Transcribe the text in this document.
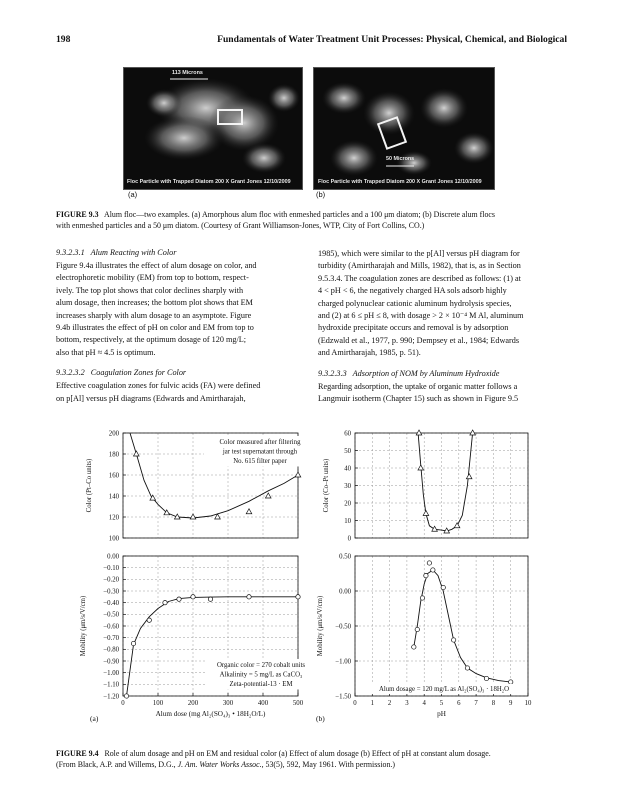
198	Fundamentals of Water Treatment Unit Processes: Physical, Chemical, and Biological
113 Microns
Floc Particle with Trapped Diatom 200 X Grant Jones 12/10/2009
50 Microns
Floc Particle with Trapped Diatom 200 X Grant Jones 12/10/2009
(a)	(b)
FIGURE 9.3 Alum floc—two examples. (a) Amorphous alum floc with enmeshed particles and a 100 μm diatom; (b) Discrete alum flocs
with enmeshed particles and a 50 μm diatom. (Courtesy of Grant Williamson-Jones, WTP, City of Fort Collins, CO.)
9.3.2.3.1 Alum Reacting with Color
Figure 9.4a illustrates the effect of alum dosage on color, and
electrophoretic mobility (EM) from top to bottom, respect-
ively. The top plot shows that color declines sharply with
alum dosage, then increases; the bottom plot shows that EM
increases sharply with alum dosage to an asymptote. Figure
9.4b illustrates the effect of pH on color and EM from top to
bottom, respectively, at the optimum dosage of 120 mg/L;
also that pH ≈ 4.5 is optimum.
9.3.2.3.2 Coagulation Zones for Color
Effective coagulation zones for fulvic acids (FA) were defined
on p[Al] versus pH diagrams (Edwards and Amirtharajah,
1985), which were similar to the p[Al] versus pH diagram for
turbidity (Amirtharajah and Mills, 1982), that is, as in Section
9.5.3.4. The coagulation zones are described as follows: (1) at
4 < pH < 6, the negatively charged HA sols adsorb highly
charged polynuclear cationic aluminum hydrolysis species,
and (2) at 6 ≤ pH ≤ 8, with dosage > 2 × 10⁻⁴ M Al, aluminum
hydroxide precipitate occurs and removal is by adsorption
(Edzwald et al., 1977, p. 990; Dempsey et al., 1984; Edwards
and Amirtharajah, 1985, p. 51).
9.3.2.3.3 Adsorption of NOM by Aluminum Hydroxide
Regarding adsorption, the uptake of organic matter follows a
Langmuir isotherm (Chapter 15) such as shown in Figure 9.5
100
120
140
160
180
200
Color (Pt–Co units)
Color measured after filtering
jar test supernatant through
No. 615 filter paper
0.00
−0.10
−0.20
−0.30
−0.40
−0.50
−0.60
−0.70
−0.80
−0.90
−1.00
−1.10
−1.20
0	100	200	300	400	500
Alum dose (mg Al₂(SO₄)₃ • 18H₂O/L)
Mobility (μm/s/V/cm)
Organic color = 270 cobalt units
Alkalinity = 5 mg/L as CaCO₃
Zeta-potential-13 · EM
0
10
20
30
40
50
60
Color (Co–Pt units)
0.50
0.00
−0.50
−1.00
−1.50
0 1 2 3 4 5 6 7 8 9 10
pH
Mobility (μm/s/V/cm)
Alum dosage = 120 mg/L as Al₂(SO₄)₃ · 18H₂O
(a)	(b)
FIGURE 9.4 Role of alum dosage and pH on EM and residual color (a) Effect of alum dosage (b) Effect of pH at constant alum dosage.
(From Black, A.P. and Willems, D.G., J. Am. Water Works Assoc., 53(5), 592, May 1961. With permission.)
